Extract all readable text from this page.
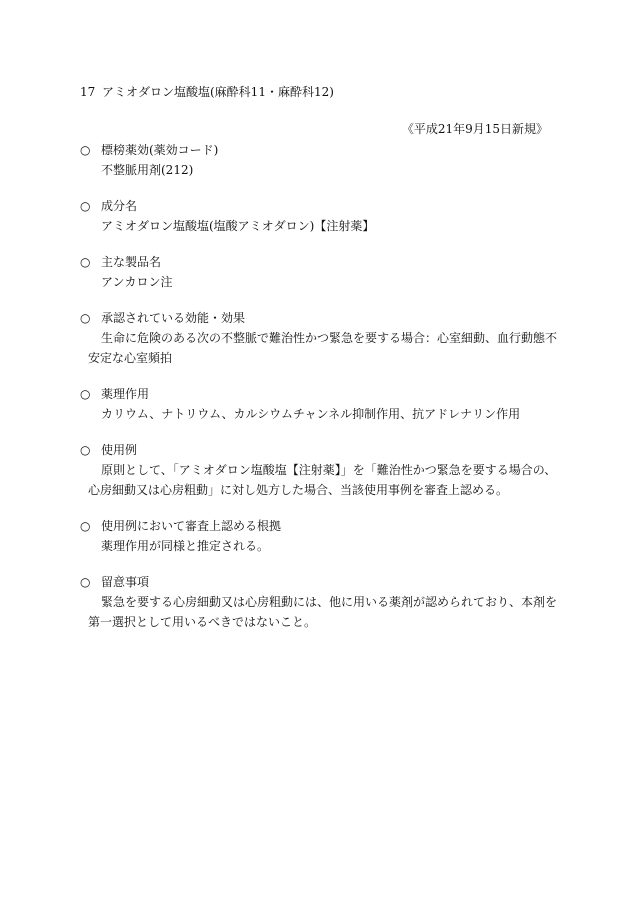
17 アミオダロン塩酸塩(麻酔科11・麻酔科12)
《平成21年9月15日新規》
○ 標榜薬効(薬効コード)
不整脈用剤(212)
○ 成分名
アミオダロン塩酸塩(塩酸アミオダロン)【注射薬】
○ 主な製品名
アンカロン注
○ 承認されている効能・効果
生命に危険のある次の不整脈で難治性かつ緊急を要する場合：心室細動、血行動態不安定な心室頻拍
○ 薬理作用
カリウム、ナトリウム、カルシウムチャンネル抑制作用、抗アドレナリン作用
○ 使用例
原則として、「アミオダロン塩酸塩【注射薬】」を「難治性かつ緊急を要する場合の、心房細動又は心房粗動」に対し処方した場合、当該使用事例を審査上認める。
○ 使用例において審査上認める根拠
薬理作用が同様と推定される。
○ 留意事項
緊急を要する心房細動又は心房粗動には、他に用いる薬剤が認められており、本剤を第一選択として用いるべきではないこと。
